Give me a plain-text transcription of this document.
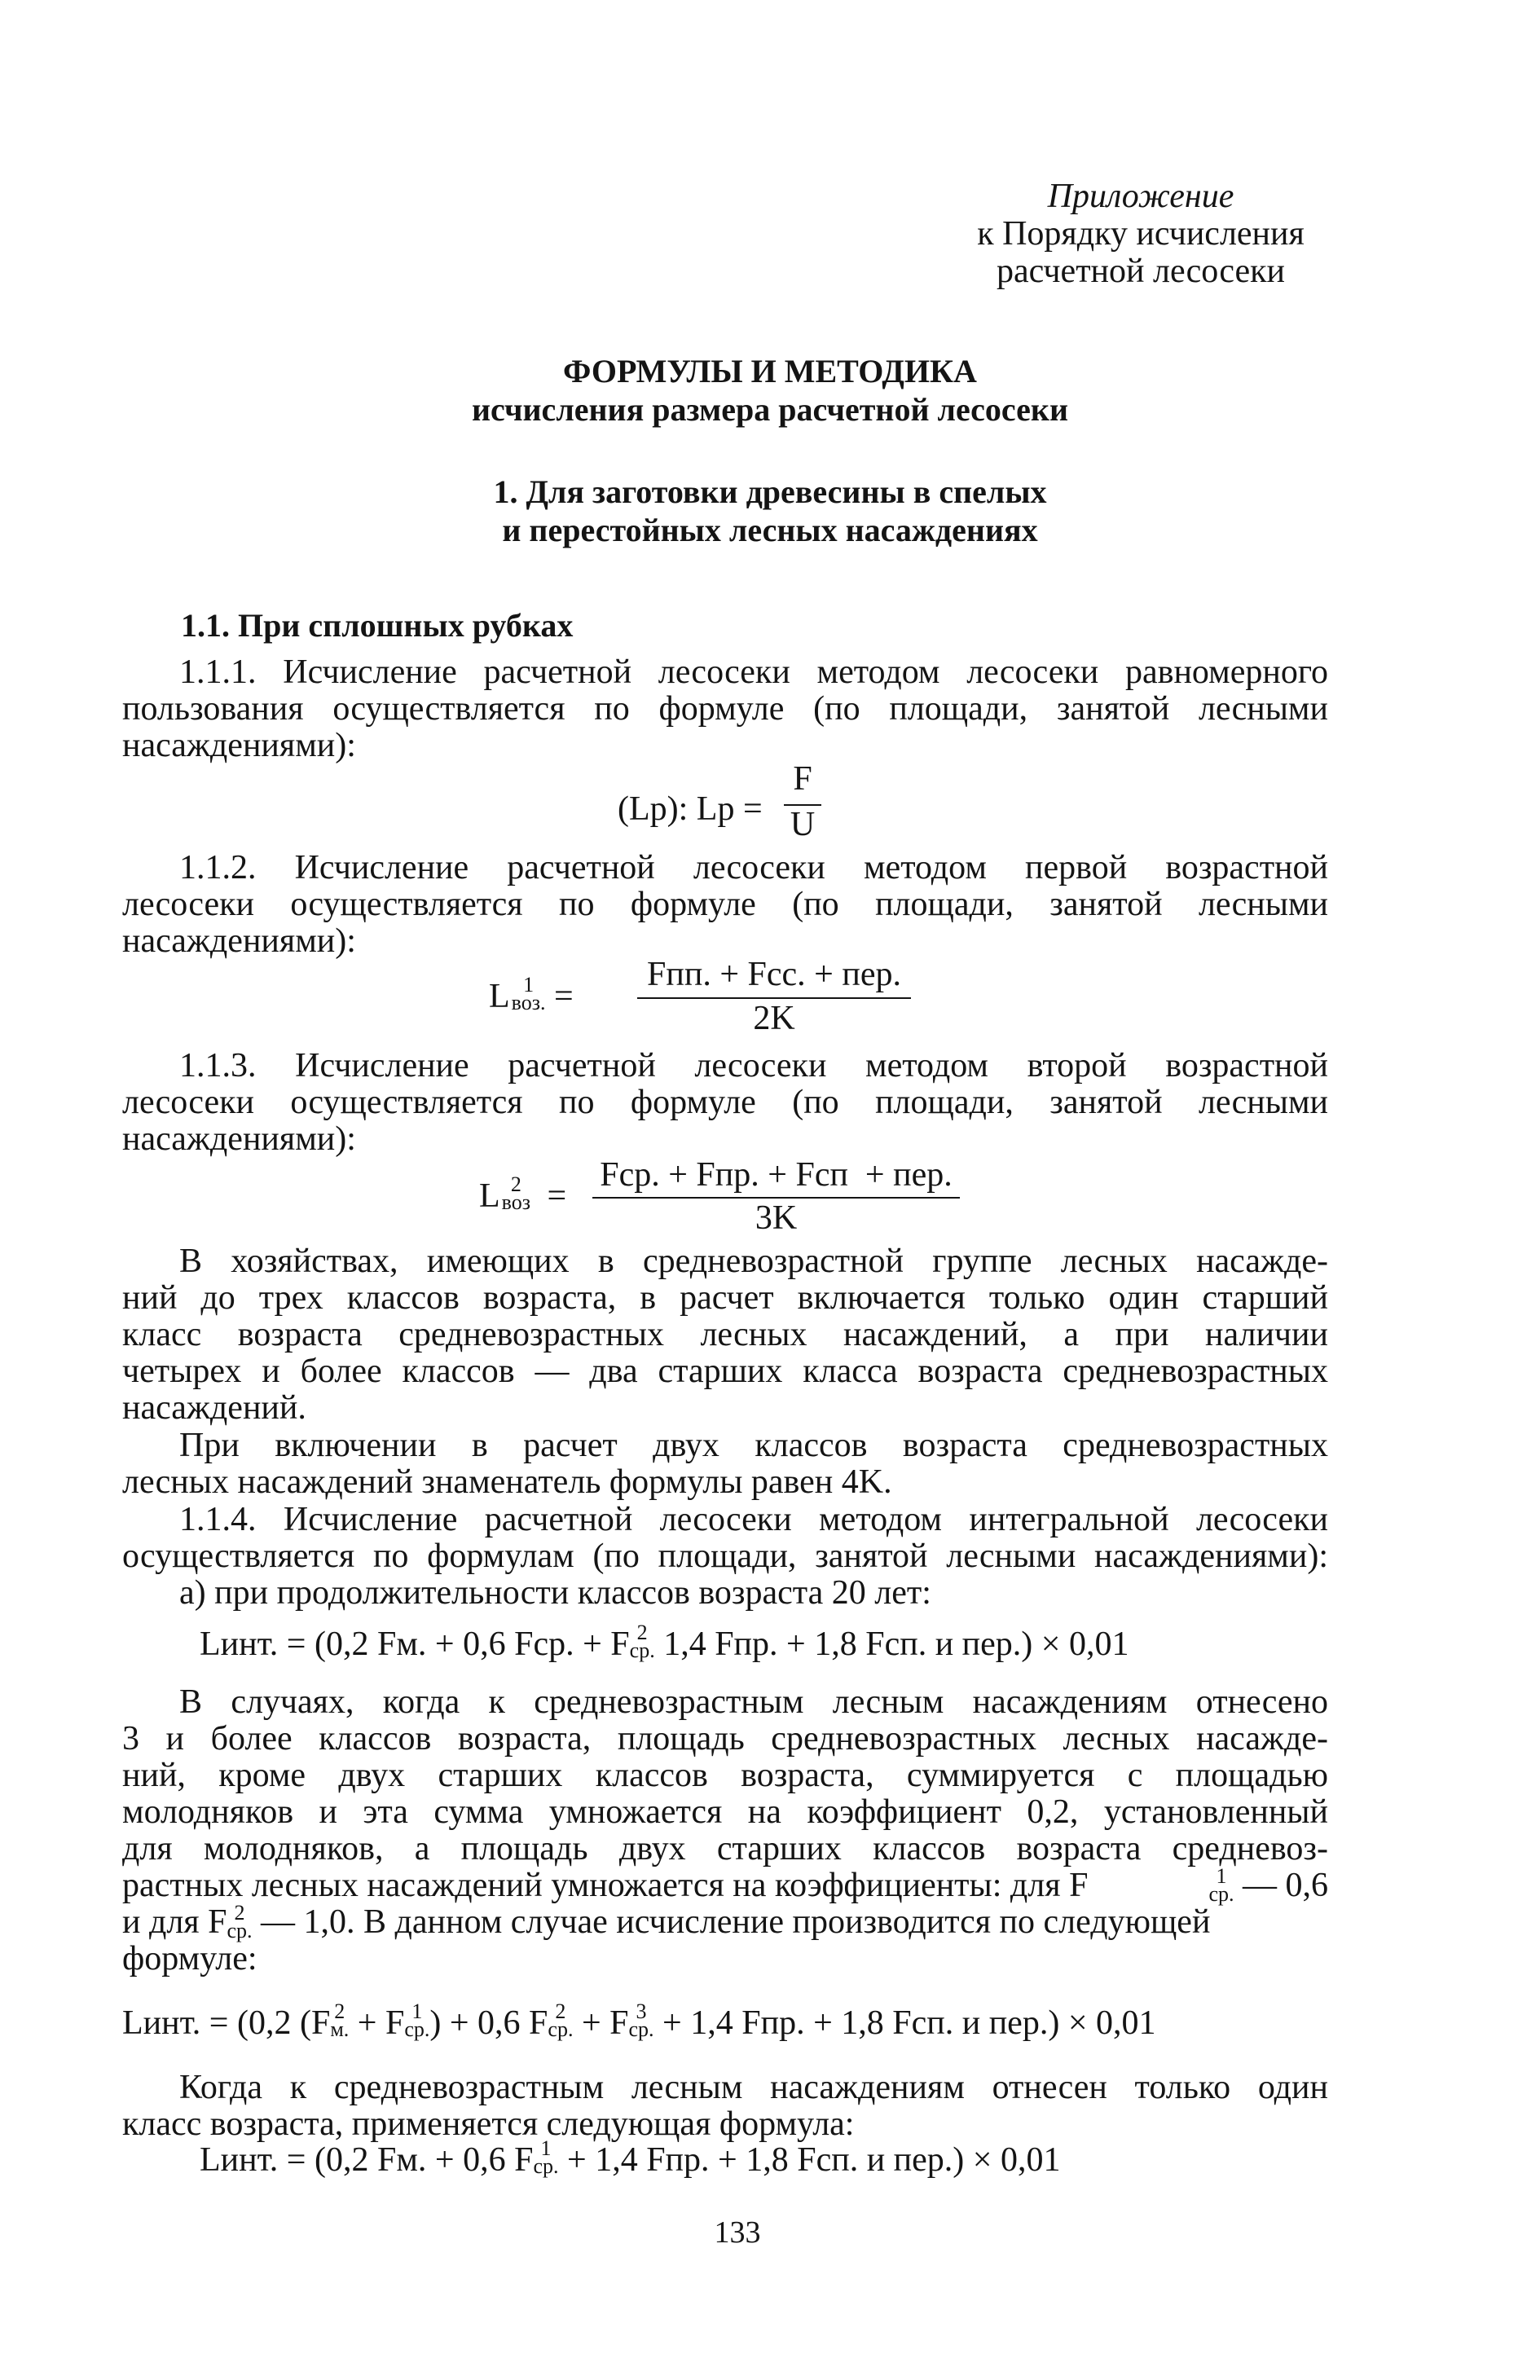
Приложение
к Порядку исчисления
расчетной лесосеки
ФОРМУЛЫ И МЕТОДИКА
исчисления размера расчетной лесосеки
1. Для заготовки древесины в спелых
и перестойных лесных насаждениях
1.1. При сплошных рубках
1.1.1. Исчисление расчетной лесосеки методом лесосеки равномерного
пользования осуществляется по формуле (по площади, занятой лесными
насаждениями):
(Lр): Lр =
F
U
1.1.2. Исчисление расчетной лесосеки методом первой возрастной
лесосеки осуществляется по формуле (по площади, занятой лесными
насаждениями):
L 1
воз. =
Fпп. + Fсс. + пер.
2K
1.1.3. Исчисление расчетной лесосеки методом второй возрастной
лесосеки осуществляется по формуле (по площади, занятой лесными
насаждениями):
L 2
воз =
Fср. + Fпр. + Fсп  + пер.
3K
В хозяйствах, имеющих в средневозрастной группе лесных насажде-
ний до трех классов возраста, в расчет включается только один старший
класс возраста средневозрастных лесных насаждений, а при наличии
четырех и более классов — два старших класса возраста средневозрастных
насаждений.
При включении в расчет двух классов возраста средневозрастных
лесных насаждений знаменатель формулы равен 4K.
1.1.4. Исчисление расчетной лесосеки методом интегральной лесосеки
осуществляется по формулам (по площади, занятой лесными насаждениями):
а) при продолжительности классов возраста 20 лет:
Lинт. = (0,2 Fм. + 0,6 Fср. + F 2
ср. 1,4 Fпр. + 1,8 Fсп. и пер.) × 0,01
В случаях, когда к средневозрастным лесным насаждениям отнесено
3 и более классов возраста, площадь средневозрастных лесных насажде-
ний, кроме двух старших классов возраста, суммируется с площадью
молодняков и эта сумма умножается на коэффициент 0,2, установленный
для молодняков, а площадь двух старших классов возраста средневоз-
растных лесных насаждений умножается на коэффициенты: для F	1
ср. — 0,6
и для F 2
ср. — 1,0. В данном случае исчисление производится по следующей
формуле:
Lинт. = (0,2 (F 2
м. + F 1
ср. ) + 0,6 F 2
ср. + F 3
ср. + 1,4 Fпр. + 1,8 Fсп. и пер.) × 0,01
Когда к средневозрастным лесным насаждениям отнесен только один
класс возраста, применяется следующая формула:
Lинт. = (0,2 Fм. + 0,6 F 1
ср. + 1,4 Fпр. + 1,8 Fсп. и пер.) × 0,01
133
